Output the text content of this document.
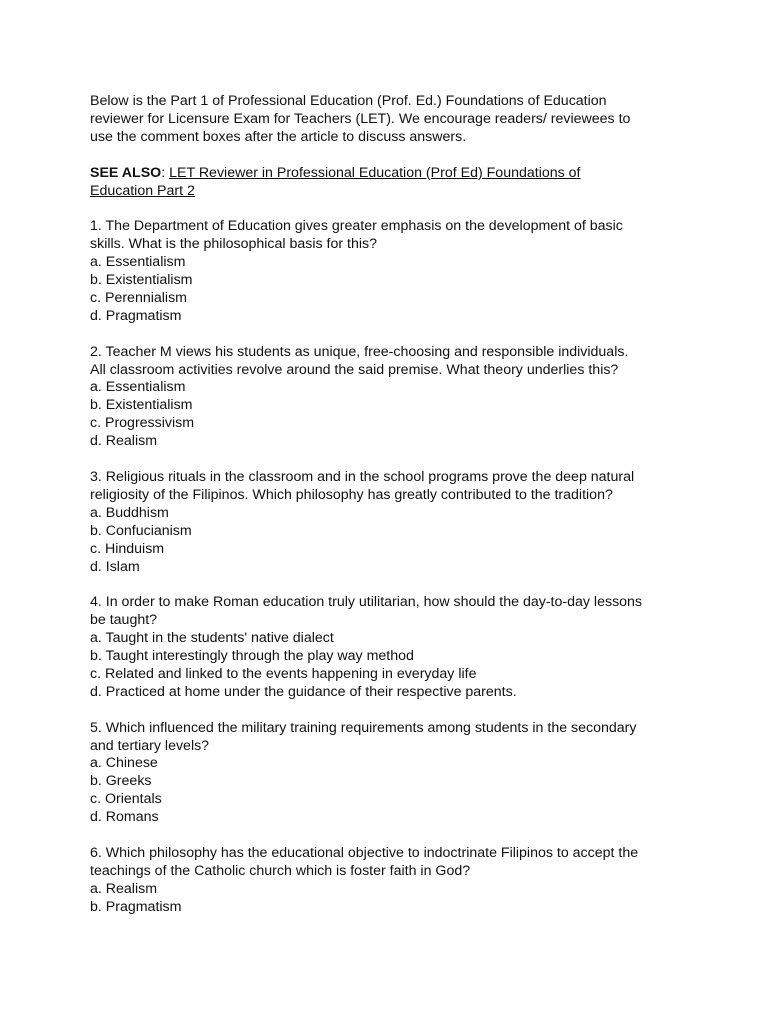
Below is the Part 1 of Professional Education (Prof. Ed.) Foundations of Education
reviewer for Licensure Exam for Teachers (LET). We encourage readers/ reviewees to
use the comment boxes after the article to discuss answers.
SEE ALSO: LET Reviewer in Professional Education (Prof Ed) Foundations of
Education Part 2
1. The Department of Education gives greater emphasis on the development of basic
skills. What is the philosophical basis for this?
a. Essentialism
b. Existentialism
c. Perennialism
d. Pragmatism
2. Teacher M views his students as unique, free-choosing and responsible individuals.
All classroom activities revolve around the said premise. What theory underlies this?
a. Essentialism
b. Existentialism
c. Progressivism
d. Realism
3. Religious rituals in the classroom and in the school programs prove the deep natural
religiosity of the Filipinos. Which philosophy has greatly contributed to the tradition?
a. Buddhism
b. Confucianism
c. Hinduism
d. Islam
4. In order to make Roman education truly utilitarian, how should the day-to-day lessons
be taught?
a. Taught in the students' native dialect
b. Taught interestingly through the play way method
c. Related and linked to the events happening in everyday life
d. Practiced at home under the guidance of their respective parents.
5. Which influenced the military training requirements among students in the secondary
and tertiary levels?
a. Chinese
b. Greeks
c. Orientals
d. Romans
6. Which philosophy has the educational objective to indoctrinate Filipinos to accept the
teachings of the Catholic church which is foster faith in God?
a. Realism
b. Pragmatism
